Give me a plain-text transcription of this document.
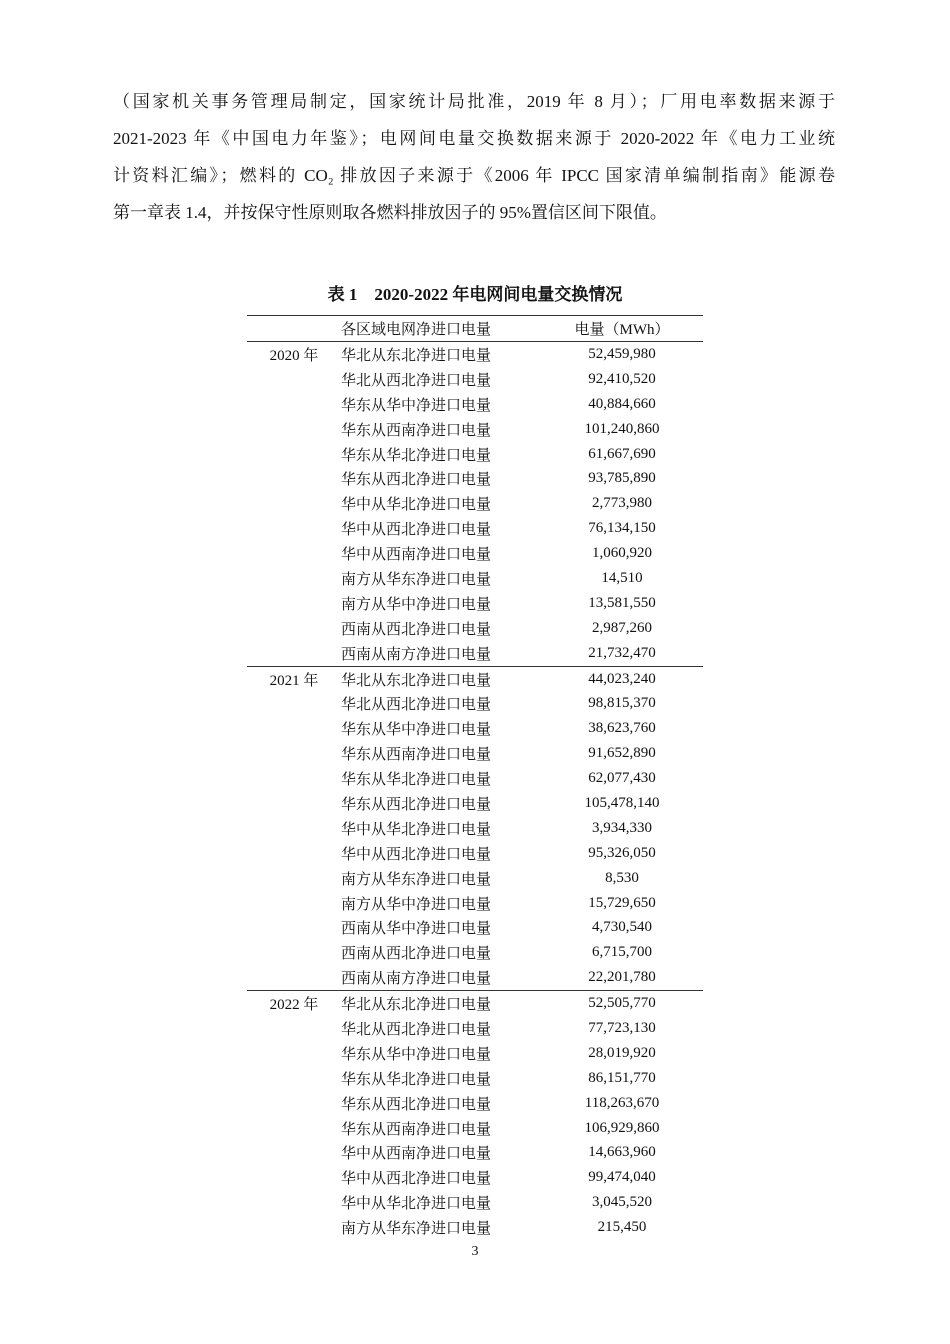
（国家机关事务管理局制定，国家统计局批准，2019 年 8 月）；厂用电率数据来源于
2021-2023 年《中国电力年鉴》；电网间电量交换数据来源于 2020-2022 年《电力工业统
计资料汇编》；燃料的 CO₂ 排放因子来源于《2006 年 IPCC 国家清单编制指南》能源卷
第一章表 1.4，并按保守性原则取各燃料排放因子的 95%置信区间下限值。
表 1　2020-2022 年电网间电量交换情况
各区域电网净进口电量	电量（MWh）
2020 年	华北从东北净进口电量	52,459,980
华北从西北净进口电量	92,410,520
华东从华中净进口电量	40,884,660
华东从西南净进口电量	101,240,860
华东从华北净进口电量	61,667,690
华东从西北净进口电量	93,785,890
华中从华北净进口电量	2,773,980
华中从西北净进口电量	76,134,150
华中从西南净进口电量	1,060,920
南方从华东净进口电量	14,510
南方从华中净进口电量	13,581,550
西南从西北净进口电量	2,987,260
西南从南方净进口电量	21,732,470
2021 年	华北从东北净进口电量	44,023,240
华北从西北净进口电量	98,815,370
华东从华中净进口电量	38,623,760
华东从西南净进口电量	91,652,890
华东从华北净进口电量	62,077,430
华东从西北净进口电量	105,478,140
华中从华北净进口电量	3,934,330
华中从西北净进口电量	95,326,050
南方从华东净进口电量	8,530
南方从华中净进口电量	15,729,650
西南从华中净进口电量	4,730,540
西南从西北净进口电量	6,715,700
西南从南方净进口电量	22,201,780
2022 年	华北从东北净进口电量	52,505,770
华北从西北净进口电量	77,723,130
华东从华中净进口电量	28,019,920
华东从华北净进口电量	86,151,770
华东从西北净进口电量	118,263,670
华东从西南净进口电量	106,929,860
华中从西南净进口电量	14,663,960
华中从西北净进口电量	99,474,040
华中从华北净进口电量	3,045,520
南方从华东净进口电量	215,450
3
